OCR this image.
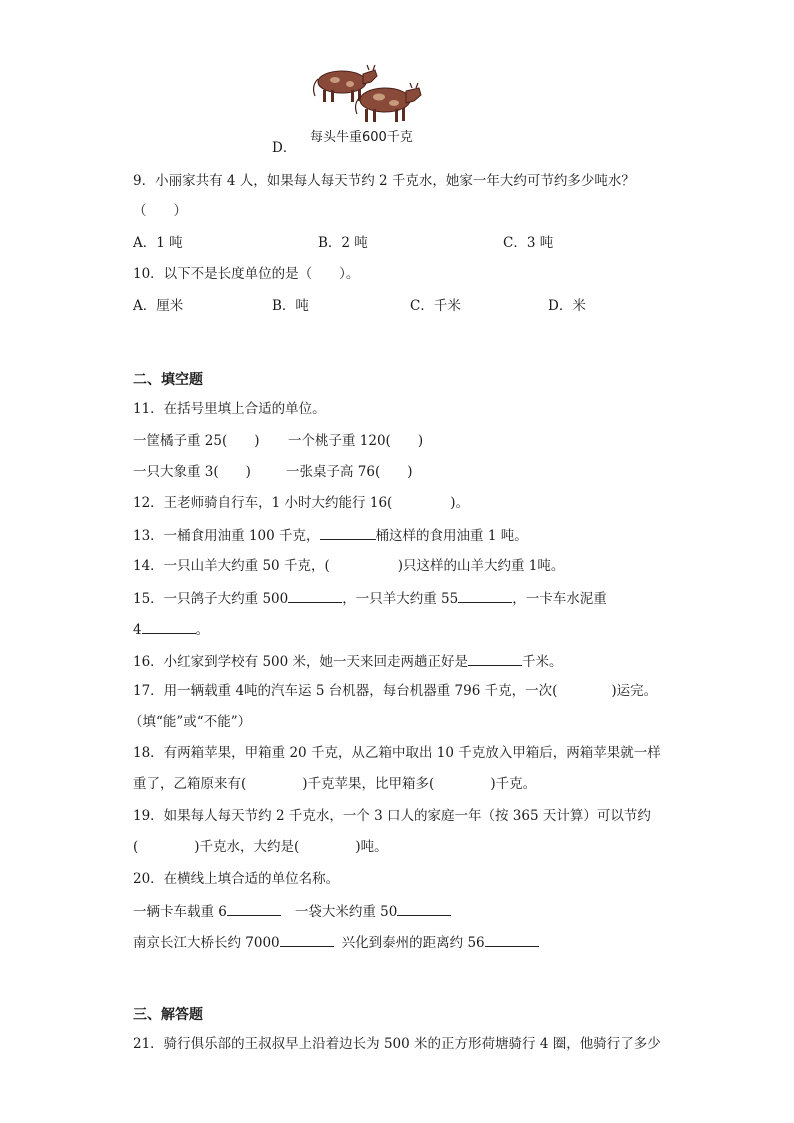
每头牛重600千克
D．
9．小丽家共有 4 人，如果每人每天节约 2 千克水，她家一年大约可节约多少吨水？
（　　）
A．1 吨	B．2 吨	C．3 吨
10．以下不是长度单位的是（　　）。
A．厘米	B．吨	C．千米	D．米
二、填空题
11．在括号里填上合适的单位。
一筐橘子重 25(　　) 一个桃子重 120(　　)
一只大象重 3(　　)	一张桌子高 76(　　)
12．王老师骑自行车，1 小时大约能行 16(	)。
13．一桶食用油重 100 千克，	桶这样的食用油重 1 吨。
14．一只山羊大约重 50 千克，(	)只这样的山羊大约重 1吨。
15．一只鸽子大约重 500	，一只羊大约重 55	，一卡车水泥重
4	。
16．小红家到学校有 500 米，她一天来回走两趟正好是	千米。
17．用一辆载重 4吨的汽车运 5 台机器，每台机器重 796 千克，一次(	)运完。
（填“能”或“不能”）
18．有两箱苹果，甲箱重 20 千克，从乙箱中取出 10 千克放入甲箱后，两箱苹果就一样
重了，乙箱原来有(	)千克苹果，比甲箱多(	)千克。
19．如果每人每天节约 2 千克水，一个 3 口人的家庭一年（按 365 天计算）可以节约
(	)千克水，大约是(	)吨。
20．在横线上填合适的单位名称。
一辆卡车载重 6	一袋大米约重 50
南京长江大桥长约 7000	兴化到泰州的距离约 56
三、解答题
21．骑行俱乐部的王叔叔早上沿着边长为 500 米的正方形荷塘骑行 4 圈，他骑行了多少
